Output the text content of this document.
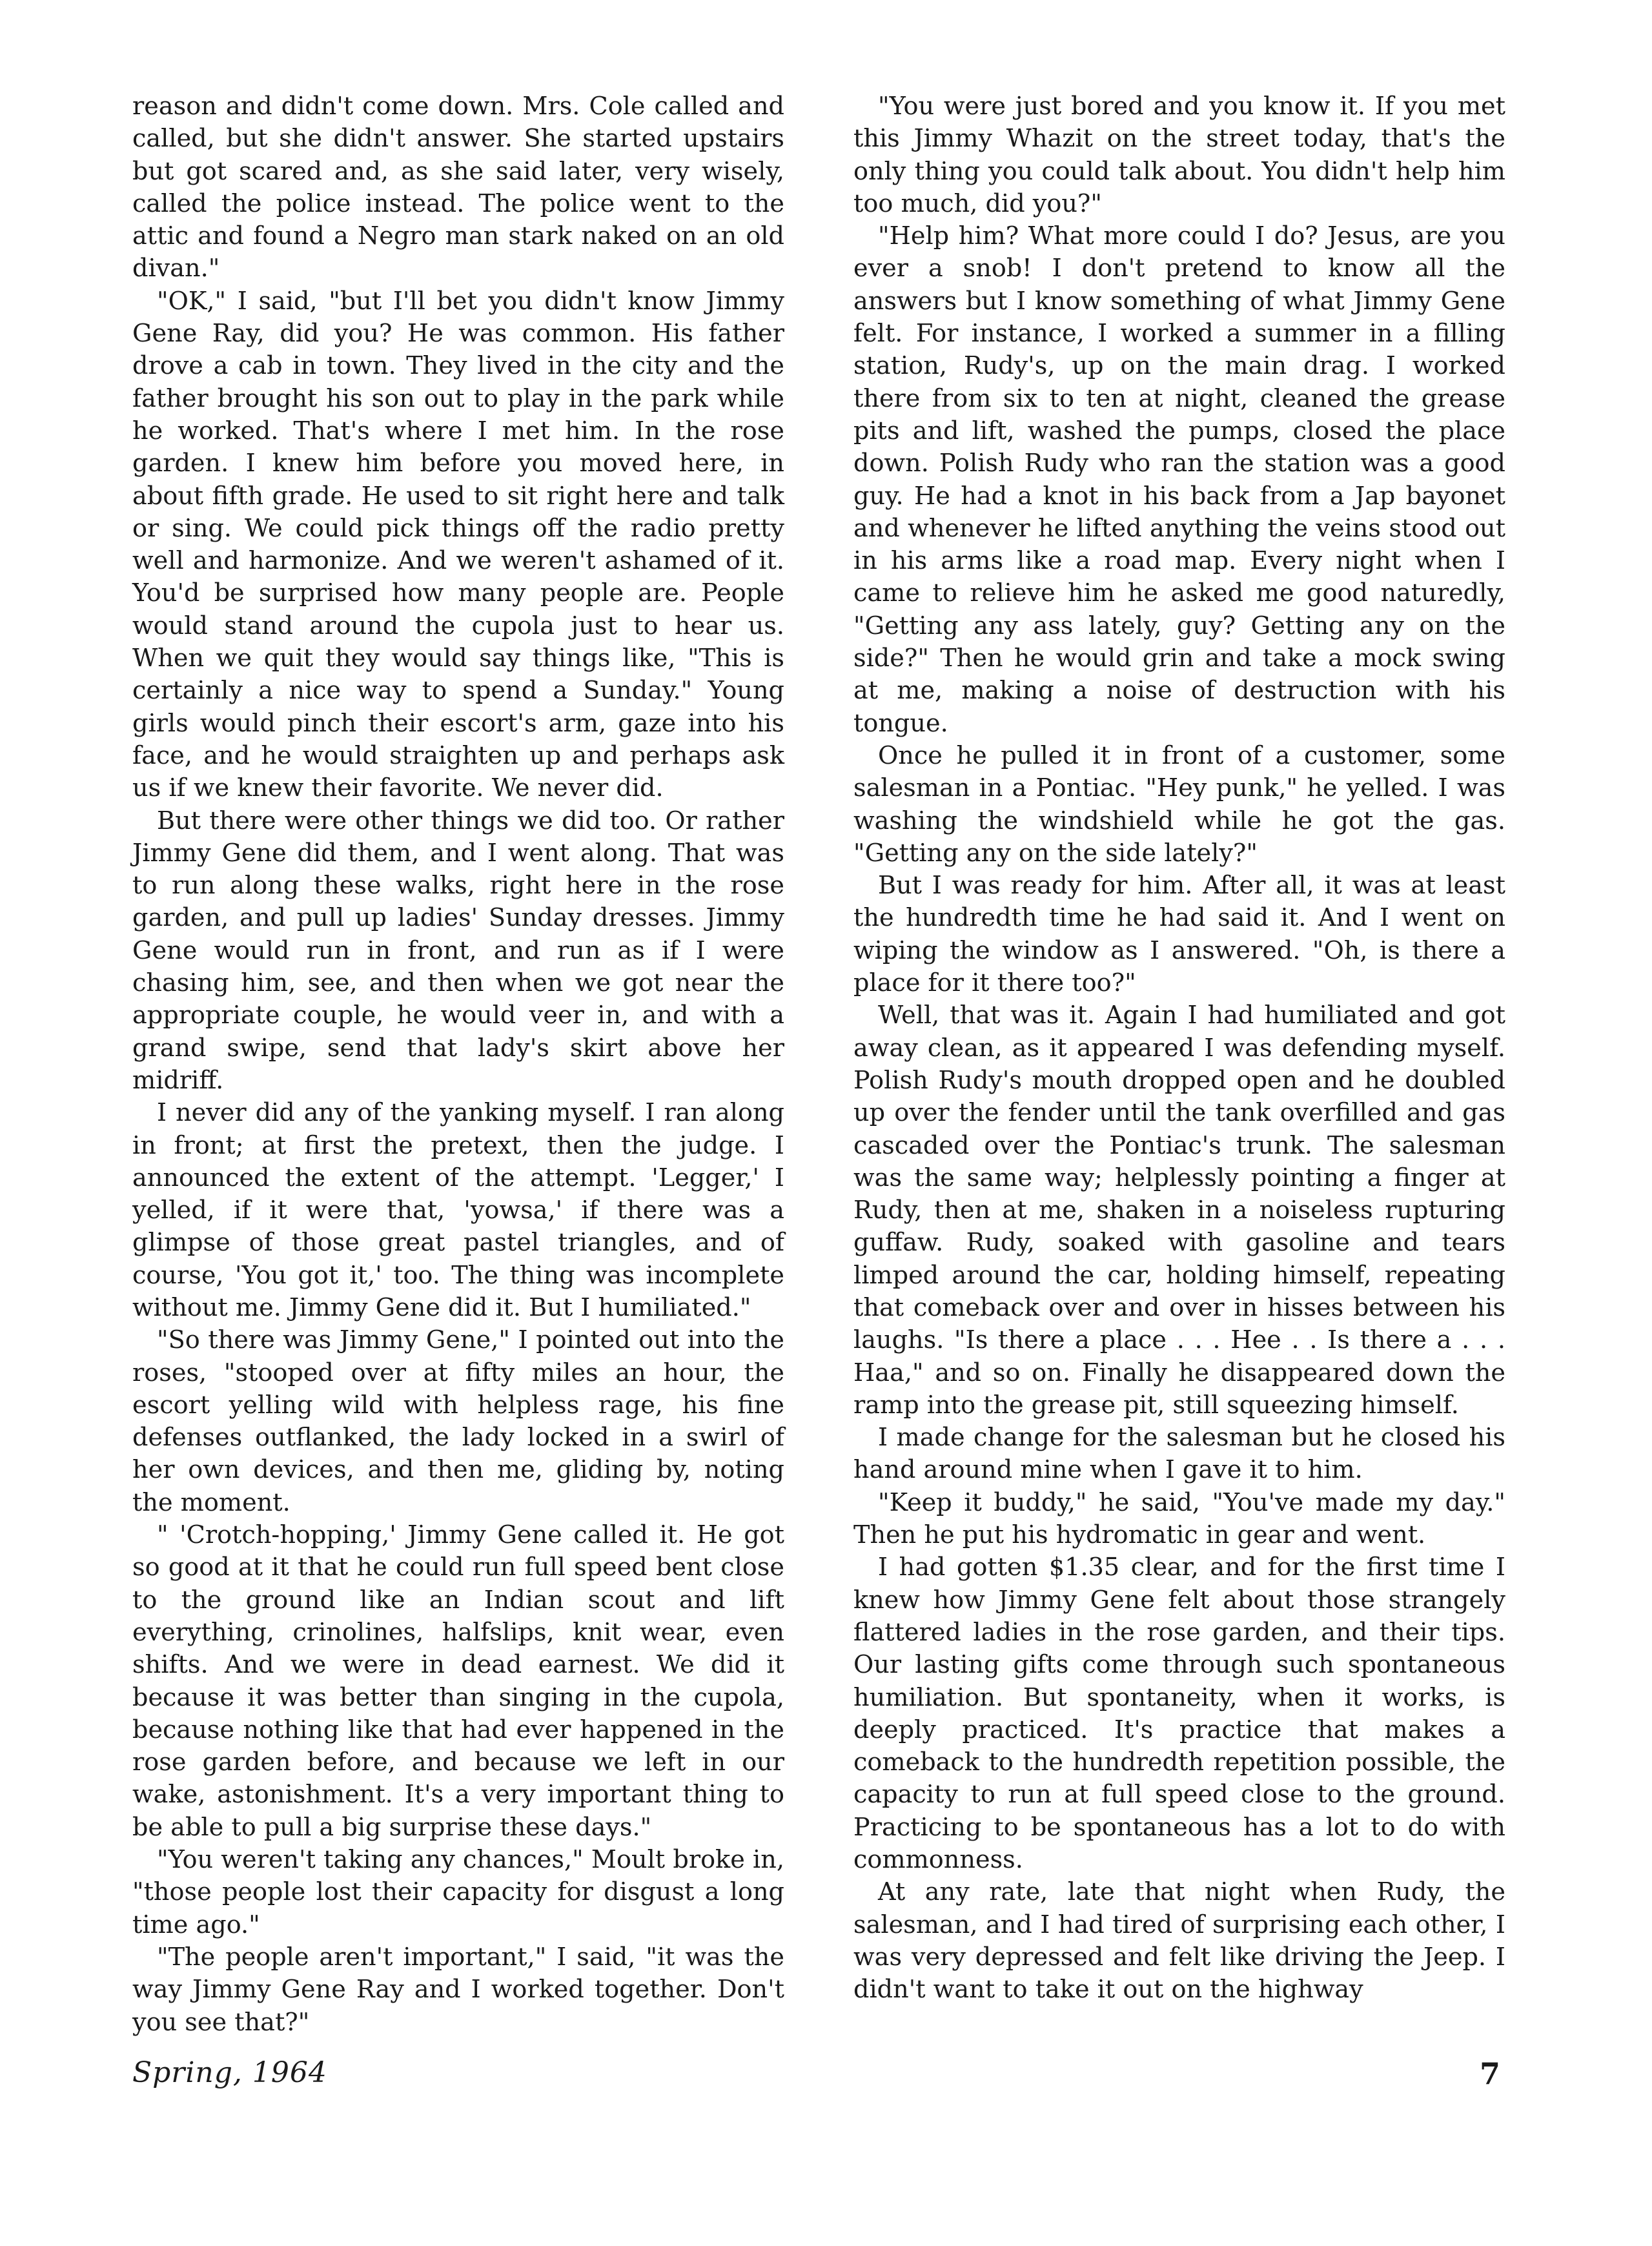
reason and didn't come down. Mrs. Cole called and called, but she didn't answer. She started upstairs but got scared and, as she said later, very wisely, called the police instead. The police went to the attic and found a Negro man stark naked on an old divan."

"OK," I said, "but I'll bet you didn't know Jimmy Gene Ray, did you? He was common. His father drove a cab in town. They lived in the city and the father brought his son out to play in the park while he worked. That's where I met him. In the rose garden. I knew him before you moved here, in about fifth grade. He used to sit right here and talk or sing. We could pick things off the radio pretty well and harmonize. And we weren't ashamed of it. You'd be surprised how many people are. People would stand around the cupola just to hear us. When we quit they would say things like, "This is certainly a nice way to spend a Sunday." Young girls would pinch their escort's arm, gaze into his face, and he would straighten up and perhaps ask us if we knew their favorite. We never did.

But there were other things we did too. Or rather Jimmy Gene did them, and I went along. That was to run along these walks, right here in the rose garden, and pull up ladies' Sunday dresses. Jimmy Gene would run in front, and run as if I were chasing him, see, and then when we got near the appropriate couple, he would veer in, and with a grand swipe, send that lady's skirt above her midriff.

I never did any of the yanking myself. I ran along in front; at first the pretext, then the judge. I announced the extent of the attempt. 'Legger,' I yelled, if it were that, 'yowsa,' if there was a glimpse of those great pastel triangles, and of course, 'You got it,' too. The thing was incomplete without me. Jimmy Gene did it. But I humiliated."

"So there was Jimmy Gene," I pointed out into the roses, "stooped over at fifty miles an hour, the escort yelling wild with helpless rage, his fine defenses outflanked, the lady locked in a swirl of her own devices, and then me, gliding by, noting the moment.

" 'Crotch-hopping,' Jimmy Gene called it. He got so good at it that he could run full speed bent close to the ground like an Indian scout and lift everything, crinolines, halfslips, knit wear, even shifts. And we were in dead earnest. We did it because it was better than singing in the cupola, because nothing like that had ever happened in the rose garden before, and because we left in our wake, astonishment. It's a very important thing to be able to pull a big surprise these days."

"You weren't taking any chances," Moult broke in, "those people lost their capacity for disgust a long time ago."

"The people aren't important," I said, "it was the way Jimmy Gene Ray and I worked together. Don't you see that?"

"You were just bored and you know it. If you met this Jimmy Whazit on the street today, that's the only thing you could talk about. You didn't help him too much, did you?"

"Help him? What more could I do? Jesus, are you ever a snob! I don't pretend to know all the answers but I know something of what Jimmy Gene felt. For instance, I worked a summer in a filling station, Rudy's, up on the main drag. I worked there from six to ten at night, cleaned the grease pits and lift, washed the pumps, closed the place down. Polish Rudy who ran the station was a good guy. He had a knot in his back from a Jap bayonet and whenever he lifted anything the veins stood out in his arms like a road map. Every night when I came to relieve him he asked me good naturedly, "Getting any ass lately, guy? Getting any on the side?" Then he would grin and take a mock swing at me, making a noise of destruction with his tongue.

Once he pulled it in front of a customer, some salesman in a Pontiac. "Hey punk," he yelled. I was washing the windshield while he got the gas. "Getting any on the side lately?"

But I was ready for him. After all, it was at least the hundredth time he had said it. And I went on wiping the window as I answered. "Oh, is there a place for it there too?"

Well, that was it. Again I had humiliated and got away clean, as it appeared I was defending myself. Polish Rudy's mouth dropped open and he doubled up over the fender until the tank overfilled and gas cascaded over the Pontiac's trunk. The salesman was the same way; helplessly pointing a finger at Rudy, then at me, shaken in a noiseless rupturing guffaw. Rudy, soaked with gasoline and tears limped around the car, holding himself, repeating that comeback over and over in hisses between his laughs. "Is there a place . . . Hee . . Is there a . . . Haa," and so on. Finally he disappeared down the ramp into the grease pit, still squeezing himself.

I made change for the salesman but he closed his hand around mine when I gave it to him.

"Keep it buddy," he said, "You've made my day." Then he put his hydromatic in gear and went.

I had gotten $1.35 clear, and for the first time I knew how Jimmy Gene felt about those strangely flattered ladies in the rose garden, and their tips. Our lasting gifts come through such spontaneous humiliation. But spontaneity, when it works, is deeply practiced. It's practice that makes a comeback to the hundredth repetition possible, the capacity to run at full speed close to the ground. Practicing to be spontaneous has a lot to do with commonness.

At any rate, late that night when Rudy, the salesman, and I had tired of surprising each other, I was very depressed and felt like driving the Jeep. I didn't want to take it out on the highway

Spring, 1964	7
